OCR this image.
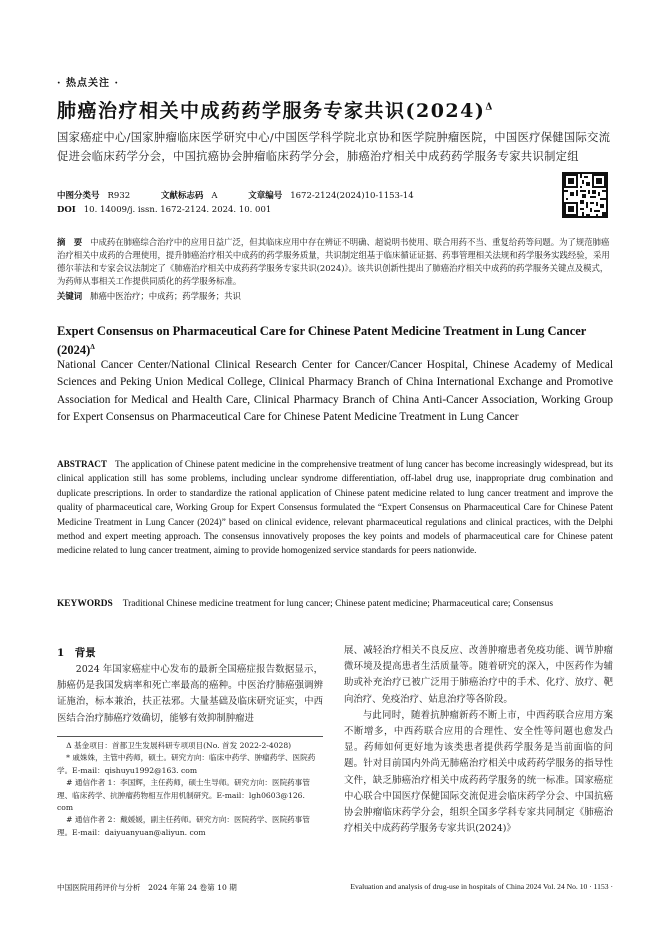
· 热点关注 ·
肺癌治疗相关中成药药学服务专家共识$(2024)^\Delta$
国家癌症中心/国家肿瘤临床医学研究中心/中国医学科学院北京协和医学院肿瘤医院，中国医疗保健国际交流促进会临床药学分会，中国抗癌协会肿瘤临床药学分会，肺癌治疗相关中成药药学服务专家共识制定组
中图分类号 R932	文献标志码 A	文章编号 1672-2124(2024)10-1153-14
DOI 10. 14009/j. issn. 1672-2124. 2024. 10. 001
摘　要 中成药在肺癌综合治疗中的应用日益广泛，但其临床应用中存在辨证不明确、超说明书使用、联合用药不当、重复给药等问题。为了规范肺癌治疗相关中成药的合理使用，提升肺癌治疗相关中成药的药学服务质量，共识制定组基于临床循证证据、药事管理相关法规和药学服务实践经验，采用德尔菲法和专家会议法制定了《肺癌治疗相关中成药药学服务专家共识(2024)》。该共识创新性提出了肺癌治疗相关中成药的药学服务关键点及模式，为药师从事相关工作提供同质化的药学服务标准。
关键词 肺癌中医治疗；中成药；药学服务；共识
Expert Consensus on Pharmaceutical Care for Chinese Patent Medicine Treatment in Lung Cancer $(2024)^\Delta$
National Cancer Center/National Clinical Research Center for Cancer/Cancer Hospital, Chinese Academy of Medical Sciences and Peking Union Medical College, Clinical Pharmacy Branch of China International Exchange and Promotive Association for Medical and Health Care, Clinical Pharmacy Branch of China Anti-Cancer Association, Working Group for Expert Consensus on Pharmaceutical Care for Chinese Patent Medicine Treatment in Lung Cancer
ABSTRACT The application of Chinese patent medicine in the comprehensive treatment of lung cancer has become increasingly widespread, but its clinical application still has some problems, including unclear syndrome differentiation, off-label drug use, inappropriate drug combination and duplicate prescriptions. In order to standardize the rational application of Chinese patent medicine related to lung cancer treatment and improve the quality of pharmaceutical care, Working Group for Expert Consensus formulated the “Expert Consensus on Pharmaceutical Care for Chinese Patent Medicine Treatment in Lung Cancer (2024)” based on clinical evidence, relevant pharmaceutical regulations and clinical practices, with the Delphi method and expert meeting approach. The consensus innovatively proposes the key points and models of pharmaceutical care for Chinese patent medicine related to lung cancer treatment, aiming to provide homogenized service standards for peers nationwide.
KEYWORDS Traditional Chinese medicine treatment for lung cancer; Chinese patent medicine; Pharmaceutical care; Consensus
1　背景

2024 年国家癌症中心发布的最新全国癌症报告数据显示，肺癌仍是我国发病率和死亡率最高的癌种。中医治疗肺癌强调辨证施治，标本兼治，扶正祛邪。大量基础及临床研究证实，中西医结合治疗肺癌疗效确切，能够有效抑制肿瘤进

Δ 基金项目：首都卫生发展科研专项项目(No. 首发 2022-2-4028)

* 戚姝姝，主管中药师，硕士。研究方向：临床中药学、肿瘤药学、医院药学。E-mail：qishuyu1992@163. com

# 通信作者 1：李国辉，主任药师，硕士生导师。研究方向：医院药事管理、临床药学、抗肿瘤药物相互作用机制研究。E-mail：lgh0603@126. com

# 通信作者 2：戴媛媛，副主任药师。研究方向：医院药学、医院药事管理。E-mail：daiyuanyuan@aliyun. com

展、减轻治疗相关不良反应、改善肿瘤患者免疫功能、调节肿瘤微环境及提高患者生活质量等。随着研究的深入，中医药作为辅助或补充治疗已被广泛用于肺癌治疗中的手术、化疗、放疗、靶向治疗、免疫治疗、姑息治疗等各阶段。

与此同时，随着抗肿瘤新药不断上市，中西药联合应用方案不断增多，中西药联合应用的合理性、安全性等问题也愈发凸显。药师如何更好地为该类患者提供药学服务是当前面临的问题。针对目前国内外尚无肺癌治疗相关中成药药学服务的指导性文件，缺乏肺癌治疗相关中成药药学服务的统一标准。国家癌症中心联合中国医疗保健国际交流促进会临床药学分会、中国抗癌协会肿瘤临床药学分会，组织全国多学科专家共同制定《肺癌治疗相关中成药药学服务专家共识(2024)》

中国医院用药评价与分析　2024 年第 24 卷第 10 期	Evaluation and analysis of drug-use in hospitals of China 2024 Vol. 24 No. 10 · 1153 ·
